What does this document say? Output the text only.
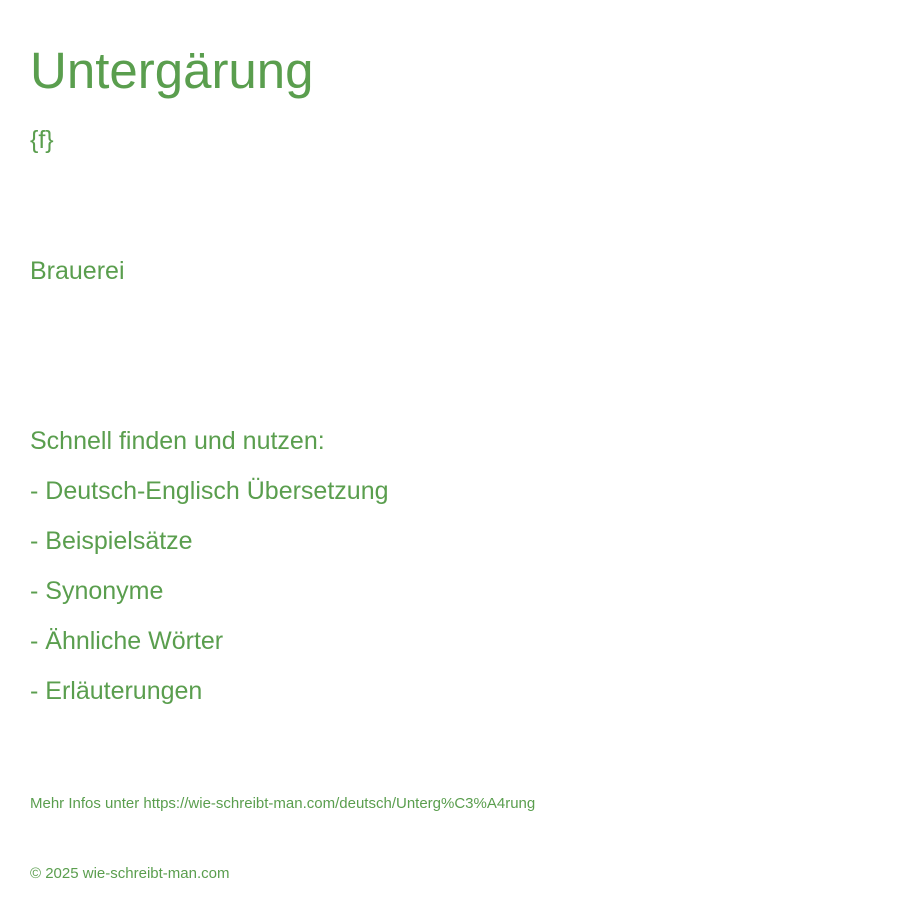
Untergärung
{f}
Brauerei
Schnell finden und nutzen:
- Deutsch-Englisch Übersetzung
- Beispielsätze
- Synonyme
- Ähnliche Wörter
- Erläuterungen
Mehr Infos unter https://wie-schreibt-man.com/deutsch/Unterg%C3%A4rung
© 2025 wie-schreibt-man.com
